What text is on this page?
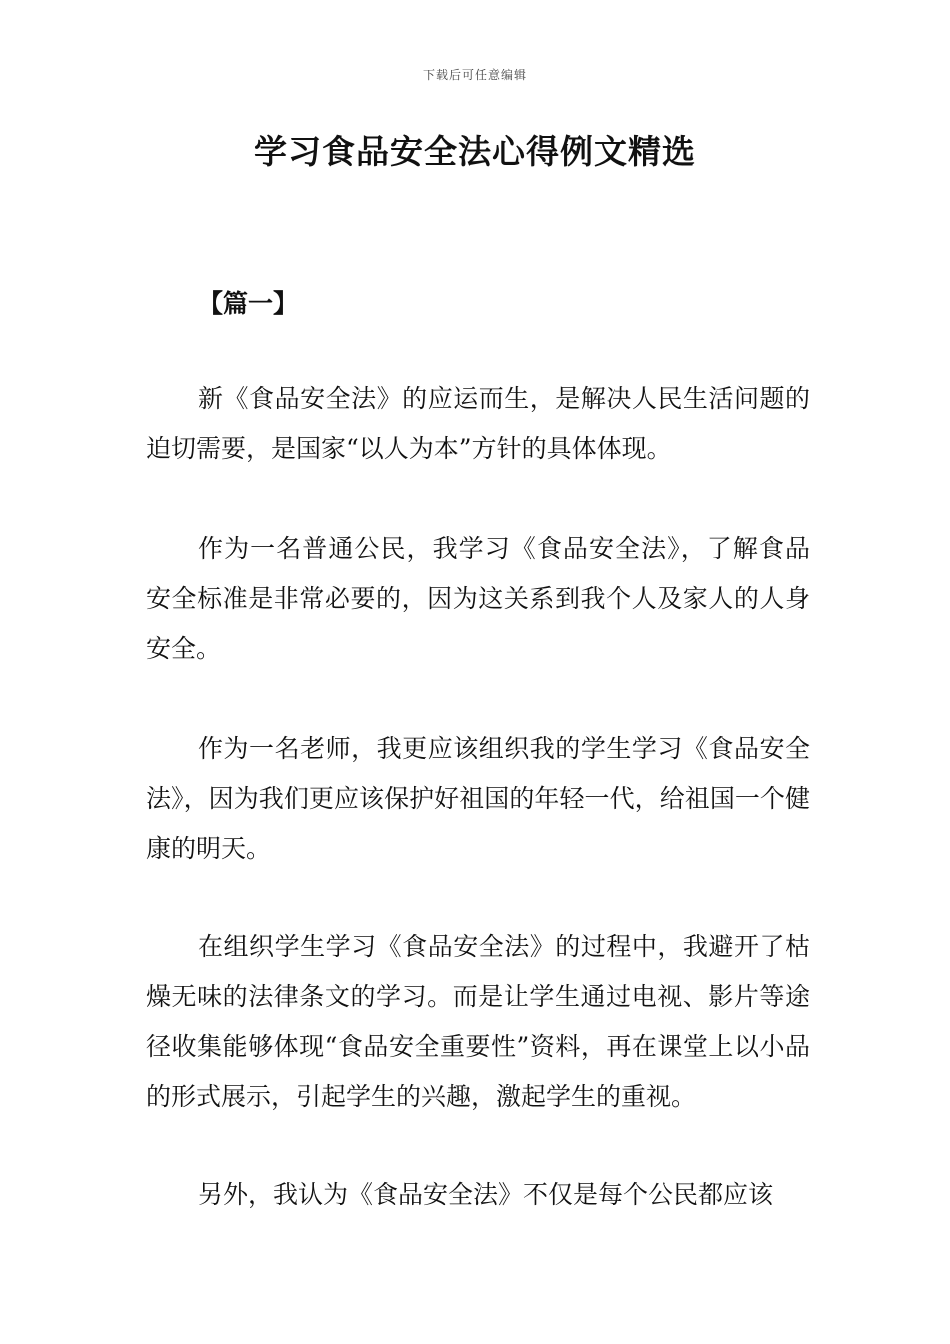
下载后可任意编辑
学习食品安全法心得例文精选

【篇一】

新《食品安全法》的应运而生，是解决人民生活问题的迫切需要，是国家“以人为本”方针的具体体现。

作为一名普通公民，我学习《食品安全法》，了解食品安全标准是非常必要的，因为这关系到我个人及家人的人身安全。

作为一名老师，我更应该组织我的学生学习《食品安全法》，因为我们更应该保护好祖国的年轻一代，给祖国一个健康的明天。

在组织学生学习《食品安全法》的过程中，我避开了枯燥无味的法律条文的学习。而是让学生通过电视、影片等途径收集能够体现“食品安全重要性”资料，再在课堂上以小品的形式展示，引起学生的兴趣，激起学生的重视。

另外，我认为《食品安全法》不仅是每个公民都应该
